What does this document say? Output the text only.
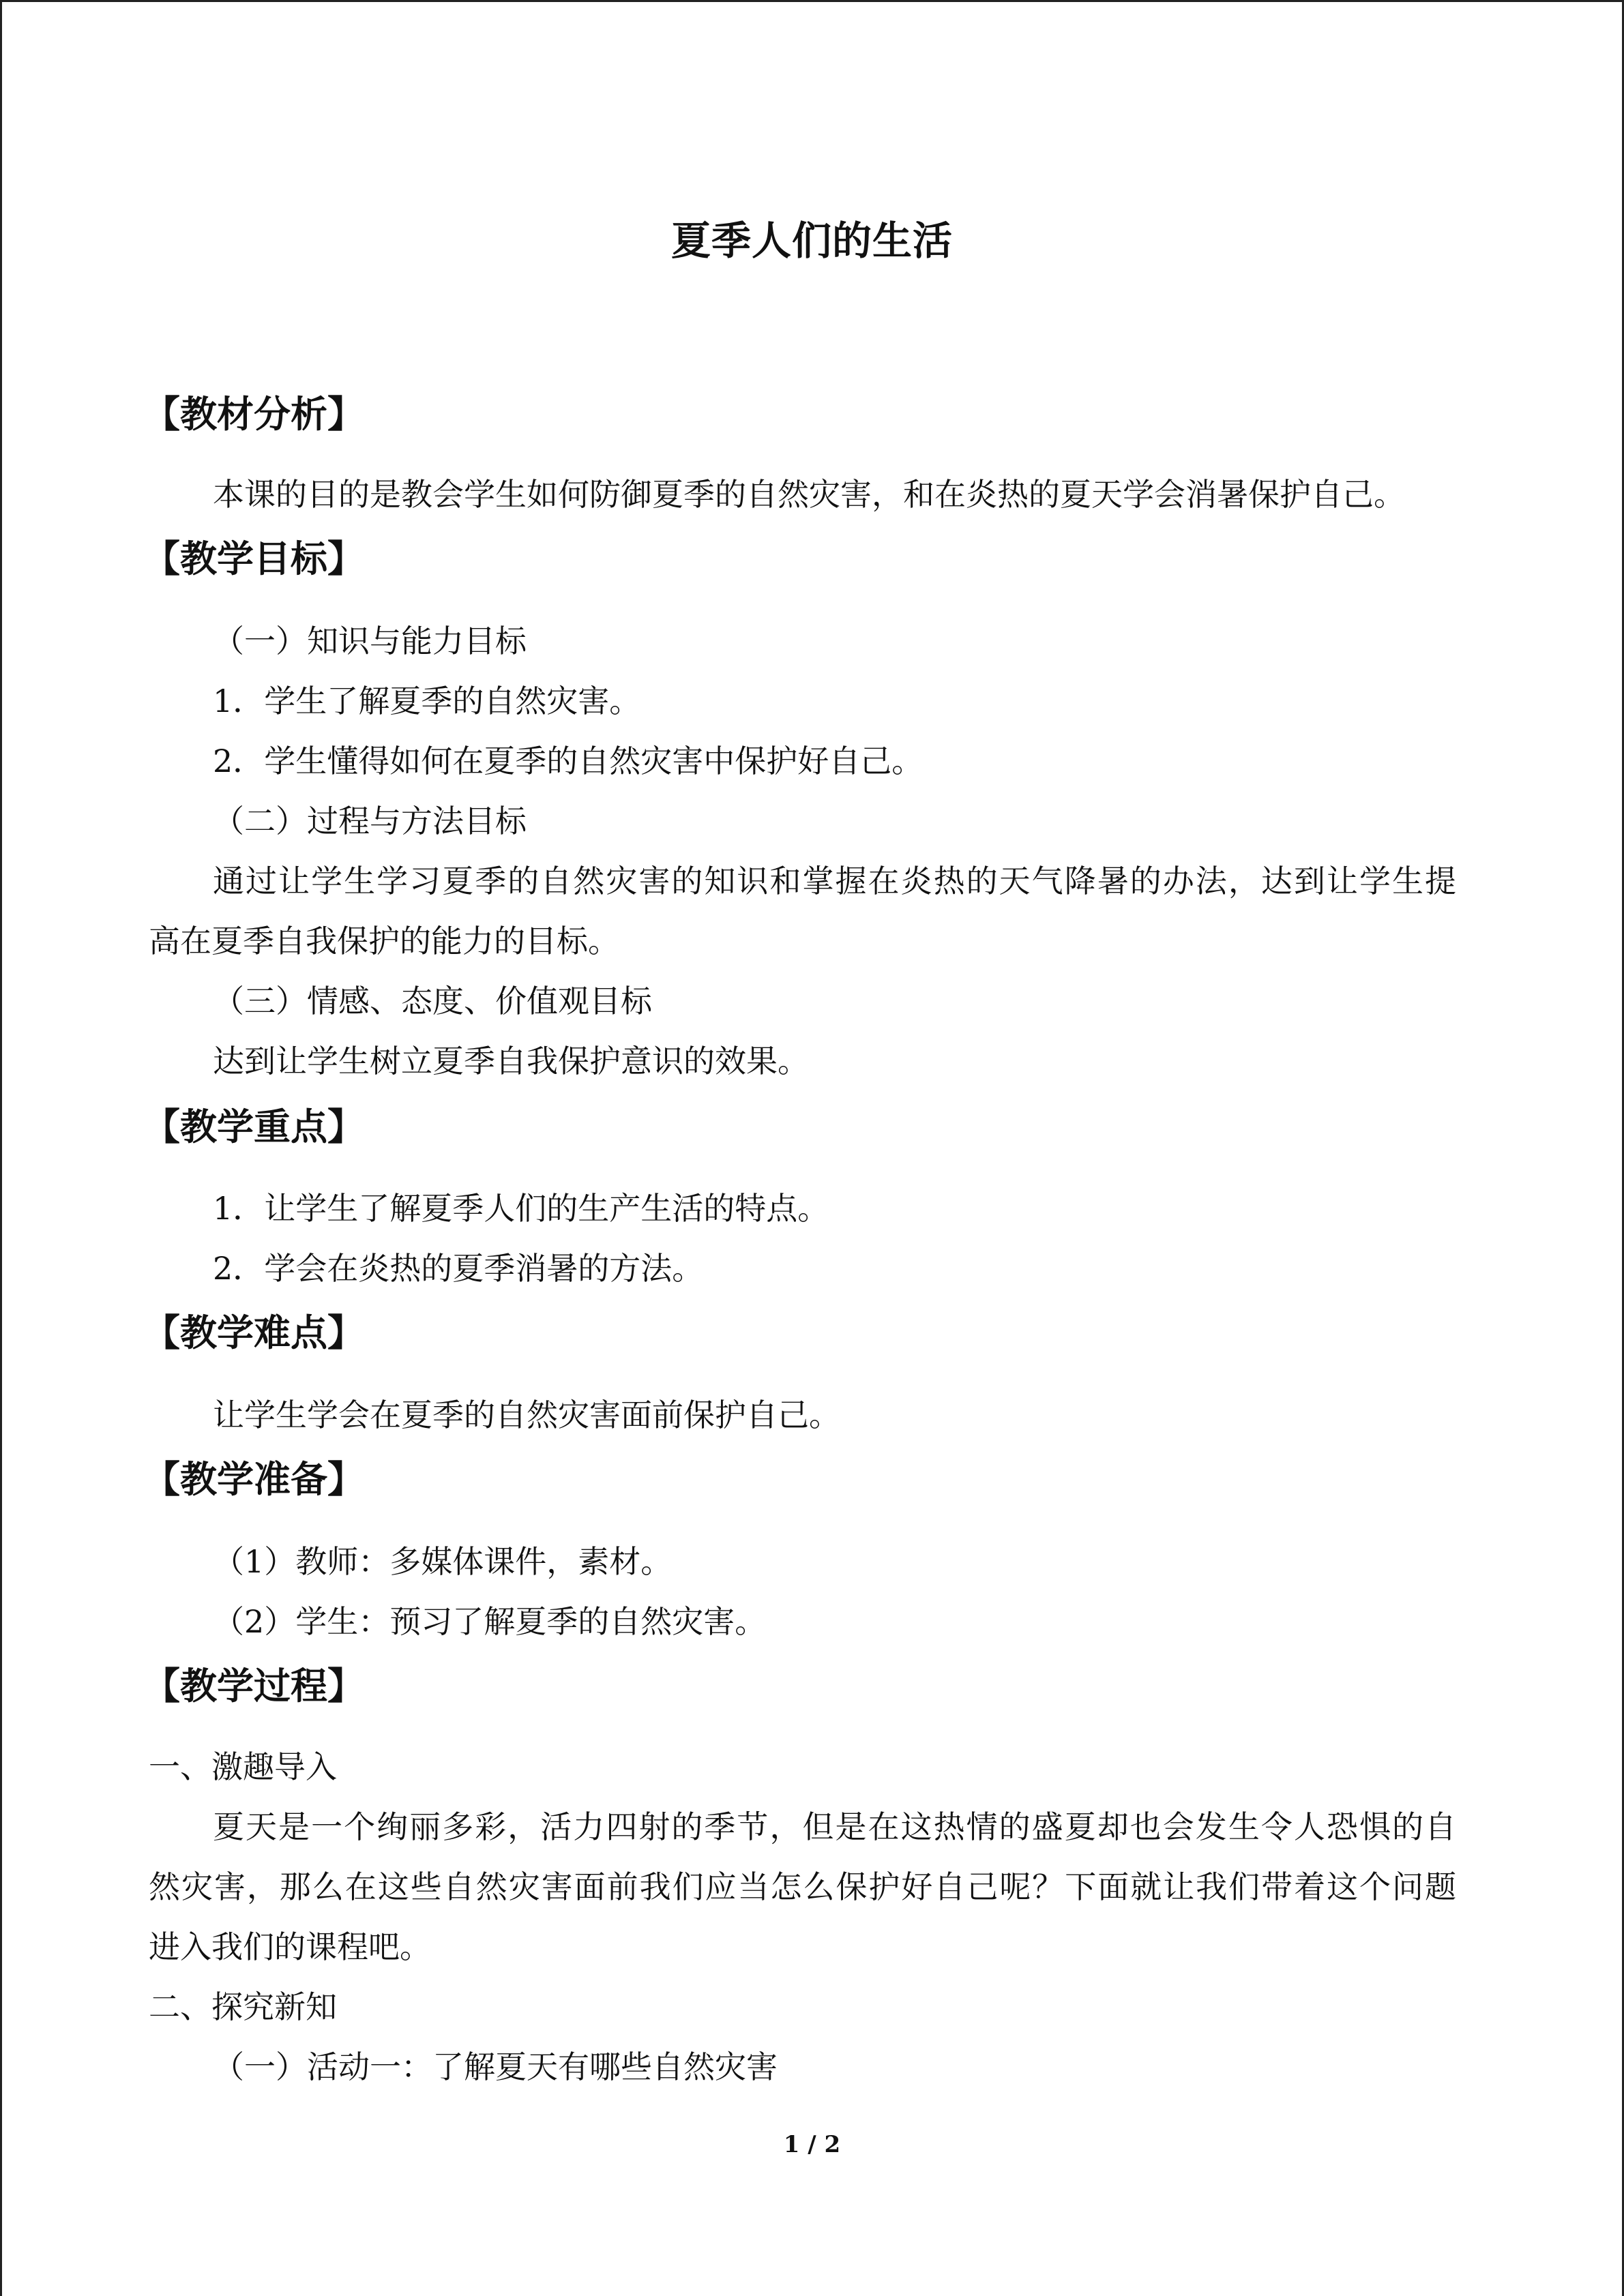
夏季人们的生活
【教材分析】
本课的目的是教会学生如何防御夏季的自然灾害，和在炎热的夏天学会消暑保护自己。
【教学目标】
（一）知识与能力目标
1．学生了解夏季的自然灾害。
2．学生懂得如何在夏季的自然灾害中保护好自己。
（二）过程与方法目标
通过让学生学习夏季的自然灾害的知识和掌握在炎热的天气降暑的办法，达到让学生提
高在夏季自我保护的能力的目标。
（三）情感、态度、价值观目标
达到让学生树立夏季自我保护意识的效果。
【教学重点】
1．让学生了解夏季人们的生产生活的特点。
2．学会在炎热的夏季消暑的方法。
【教学难点】
让学生学会在夏季的自然灾害面前保护自己。
【教学准备】
（1）教师：多媒体课件，素材。
（2）学生：预习了解夏季的自然灾害。
【教学过程】
一、激趣导入
夏天是一个绚丽多彩，活力四射的季节，但是在这热情的盛夏却也会发生令人恐惧的自
然灾害，那么在这些自然灾害面前我们应当怎么保护好自己呢？下面就让我们带着这个问题
进入我们的课程吧。
二、探究新知
（一）活动一：了解夏天有哪些自然灾害
1 / 2
